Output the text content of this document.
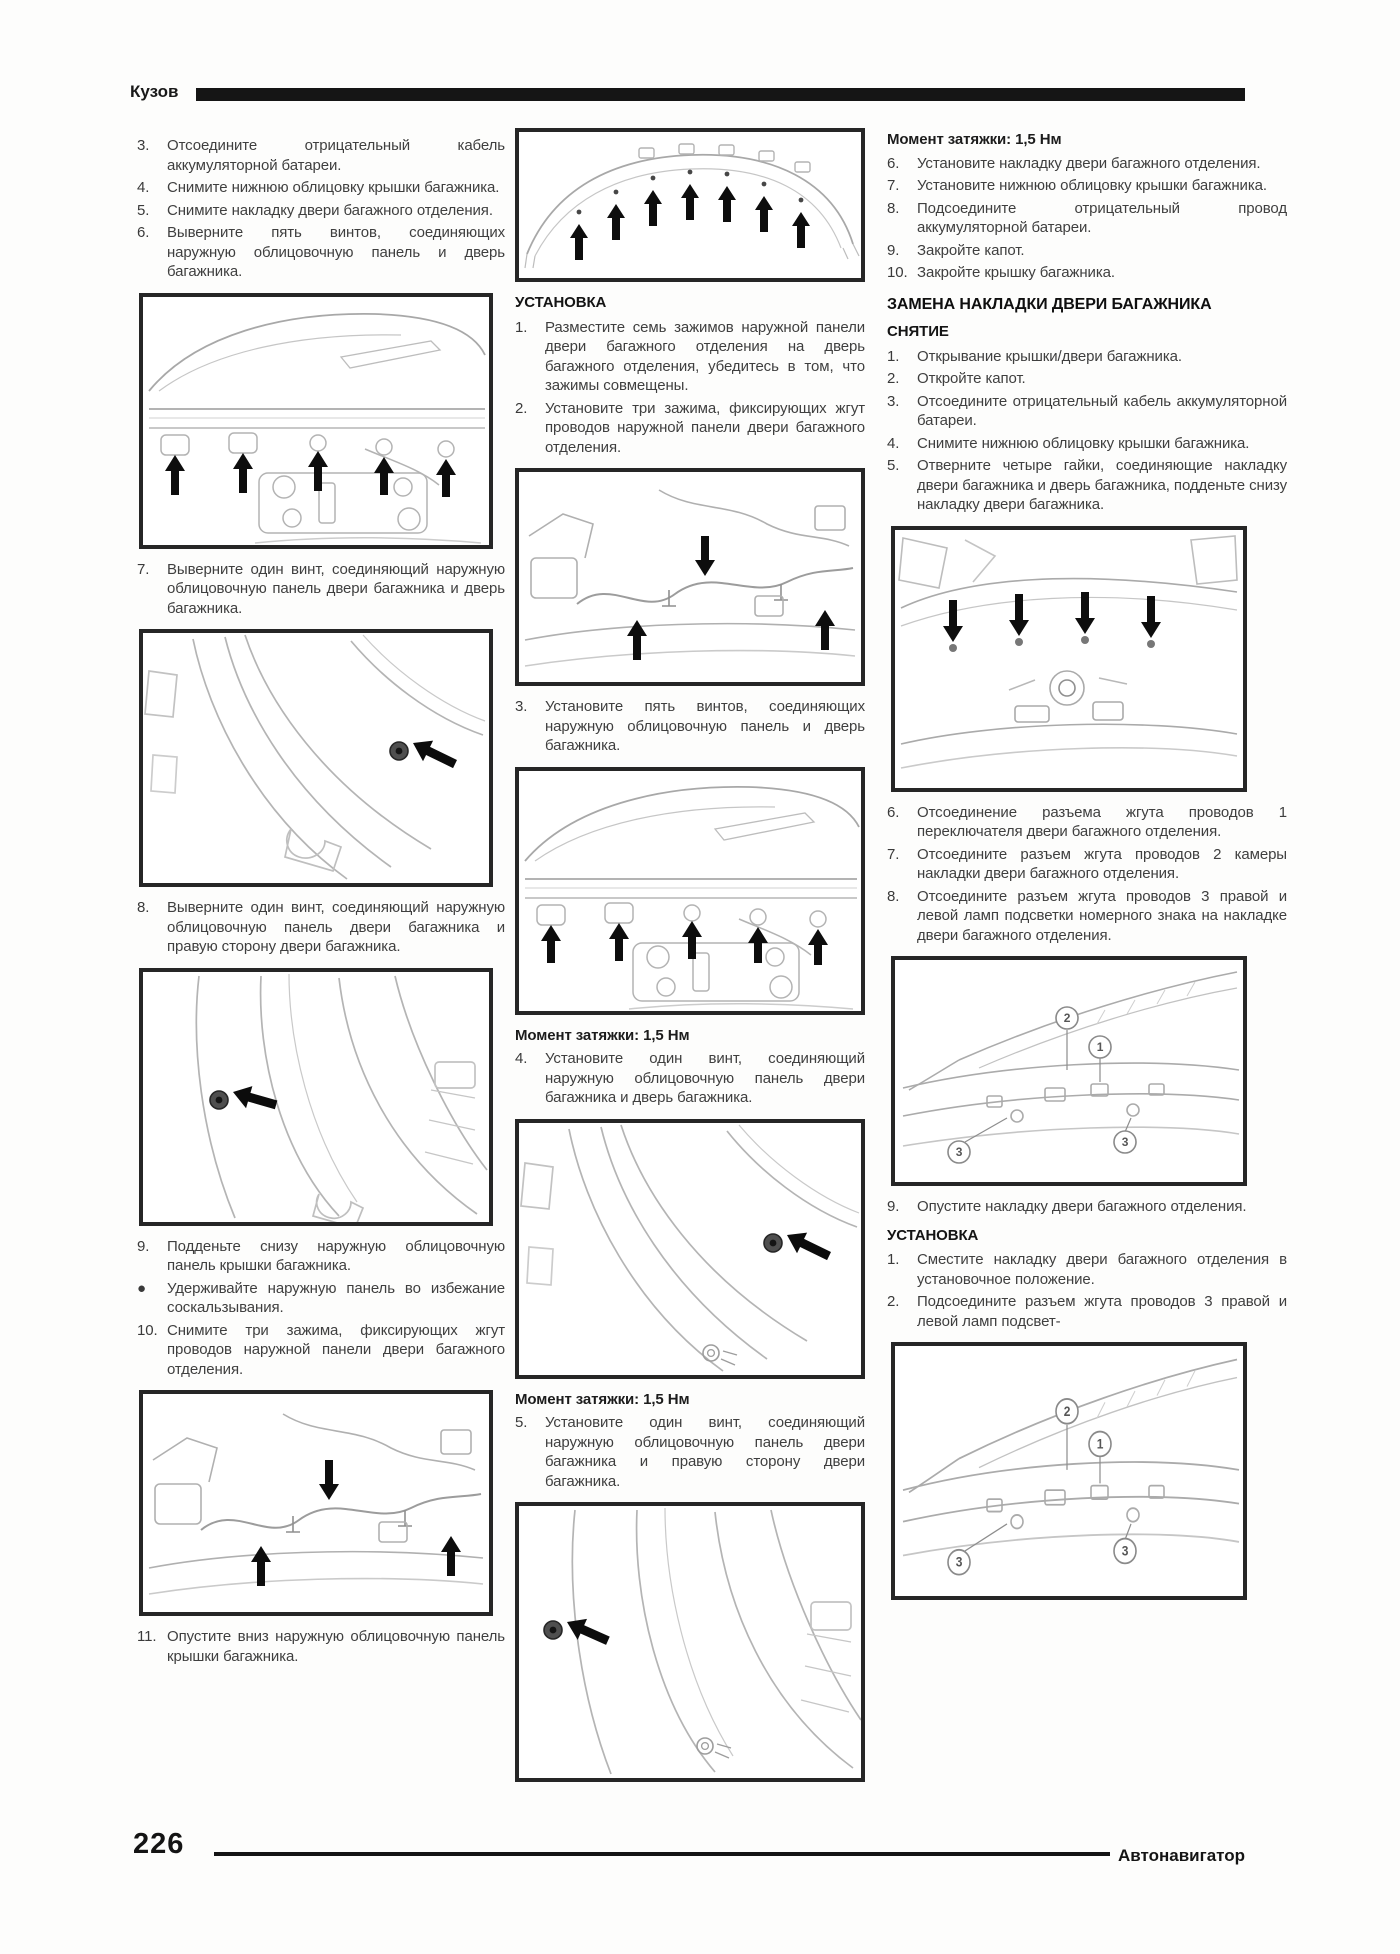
Кузов
3.	Отсоедините отрицательный кабель аккумуляторной батареи.
4.	Снимите нижнюю облицовку крышки багажника.
5.	Снимите накладку двери багажного отделения.
6.	Выверните пять винтов, соединяющих наружную облицовочную панель и дверь багажника.
7.	Выверните один винт, соединяющий наружную облицовочную панель двери багажника и дверь багажника.
8.	Выверните один винт, соединяющий наружную облицовочную панель двери багажника и правую сторону двери багажника.
9.	Подденьте снизу наружную облицовочную панель крышки багажника.
●	Удерживайте наружную панель во избежание соскальзывания.
10. Снимите три зажима, фиксирующих жгут проводов наружной панели двери багажного отделения.
11. Опустите вниз наружную облицовочную панель крышки багажника.
УСТАНОВКА
1.	Разместите семь зажимов наружной панели двери багажного отделения на дверь багажного отделения, убедитесь в том, что зажимы совмещены.
2.	Установите три зажима, фиксирующих жгут проводов наружной панели двери багажного отделения.
3.	Установите пять винтов, соединяющих наружную облицовочную панель и дверь багажника.
Момент затяжки: 1,5 Нм
4.	Установите один винт, соединяющий наружную облицовочную панель двери багажника и дверь багажника.
Момент затяжки: 1,5 Нм
5.	Установите один винт, соединяющий наружную облицовочную панель двери багажника и правую сторону двери багажника.
Момент затяжки: 1,5 Нм
6.	Установите накладку двери багажного отделения.
7.	Установите нижнюю облицовку крышки багажника.
8.	Подсоедините отрицательный провод аккумуляторной батареи.
9.	Закройте капот.
10. Закройте крышку багажника.
ЗАМЕНА НАКЛАДКИ ДВЕРИ БАГАЖНИКА
СНЯТИЕ
1.	Открывание крышки/двери багажника.
2.	Откройте капот.
3.	Отсоедините отрицательный кабель аккумуляторной батареи.
4.	Снимите нижнюю облицовку крышки багажника.
5.	Отверните четыре гайки, соединяющие накладку двери багажника и дверь багажника, подденьте снизу накладку двери багажника.
6.	Отсоединение разъема жгута проводов 1 переключателя двери багажного отделения.
7.	Отсоедините разъем жгута проводов 2 камеры накладки двери багажного отделения.
8.	Отсоедините разъем жгута проводов 3 правой и левой ламп подсветки номерного знака на накладке двери багажного отделения.
2
1
3
3
9.	Опустите накладку двери багажного отделения.
УСТАНОВКА
1.	Сместите накладку двери багажного отделения в установочное положение.
2.	Подсоедините разъем жгута проводов 3 правой и левой ламп подсвет-
2
1
3
3
226	Автонавигатор
